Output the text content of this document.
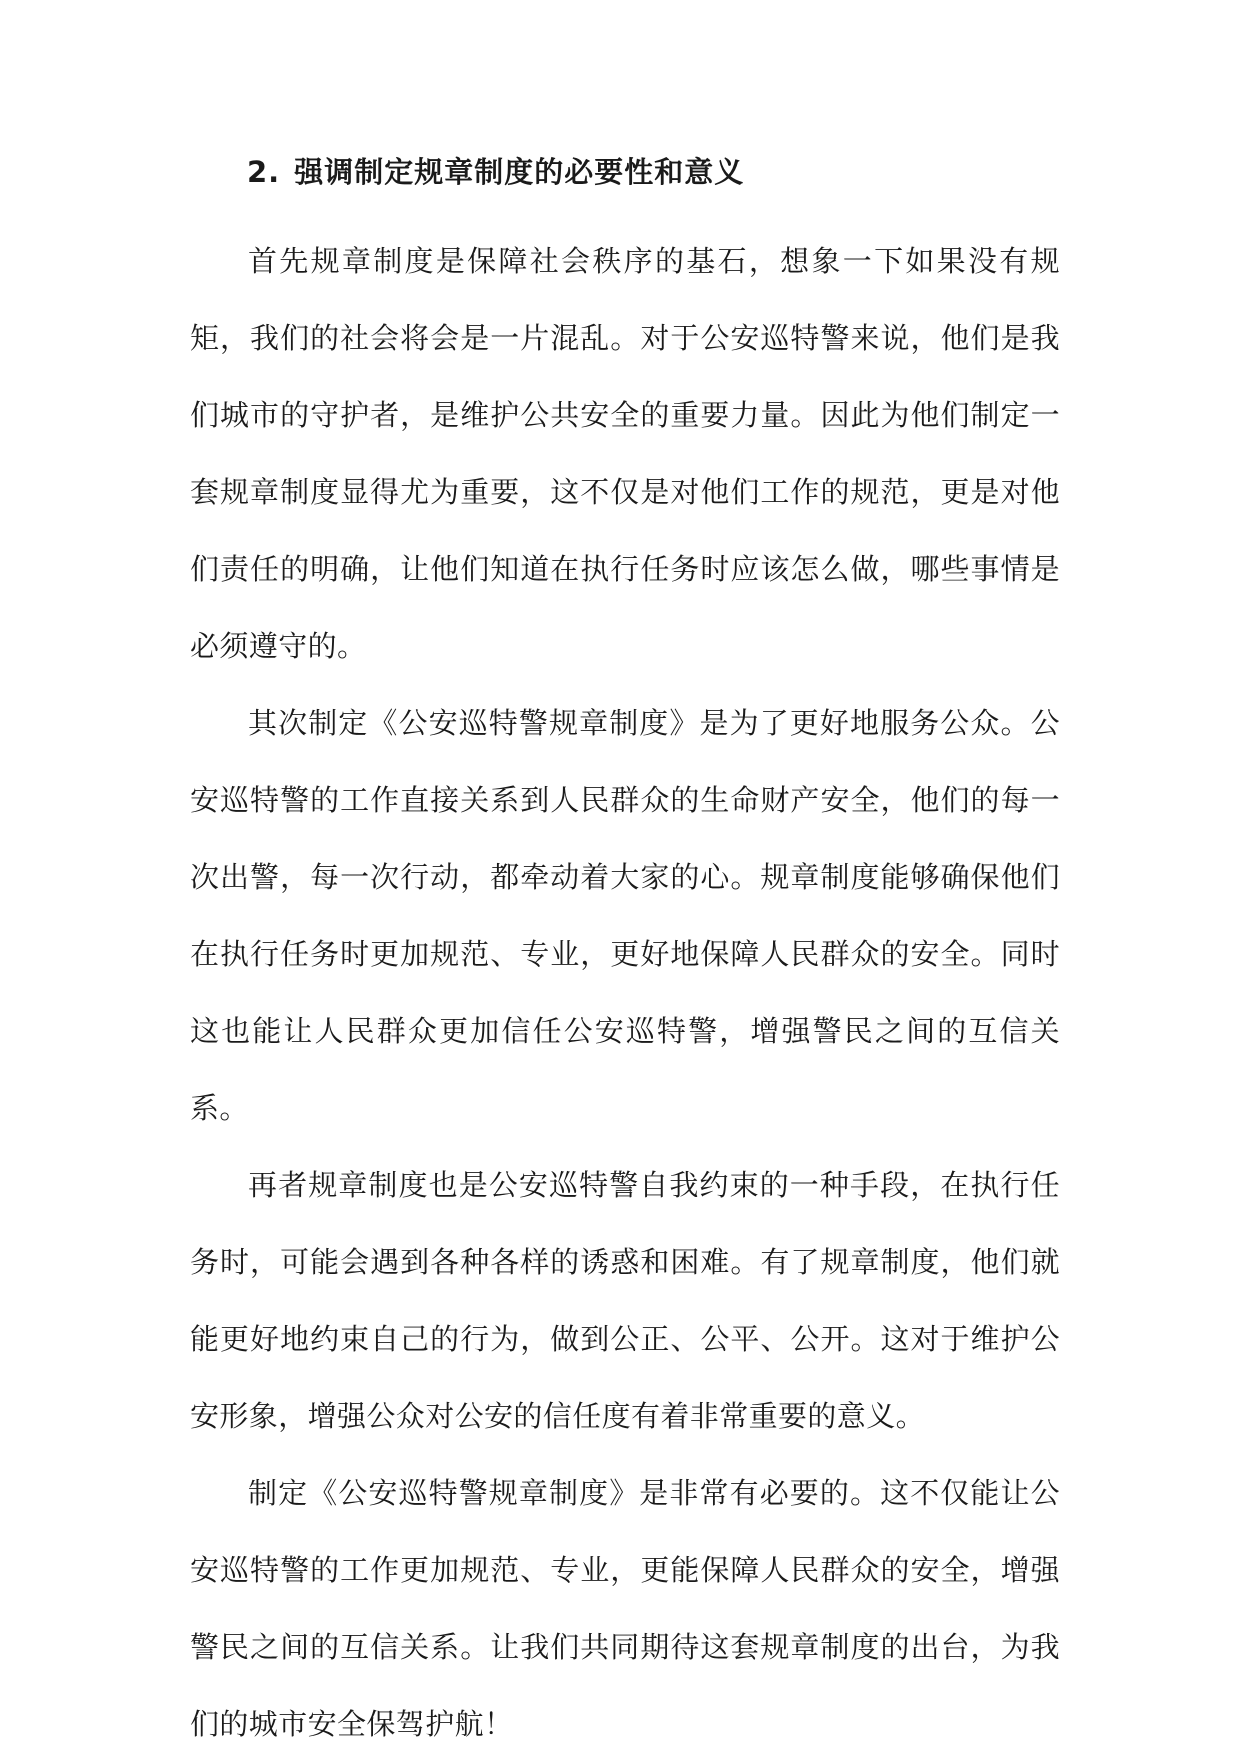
2. 强调制定规章制度的必要性和意义

首先规章制度是保障社会秩序的基石，想象一下如果没有规矩，我们的社会将会是一片混乱。对于公安巡特警来说，他们是我们城市的守护者，是维护公共安全的重要力量。因此为他们制定一套规章制度显得尤为重要，这不仅是对他们工作的规范，更是对他们责任的明确，让他们知道在执行任务时应该怎么做，哪些事情是必须遵守的。

其次制定《公安巡特警规章制度》是为了更好地服务公众。公安巡特警的工作直接关系到人民群众的生命财产安全，他们的每一次出警，每一次行动，都牵动着大家的心。规章制度能够确保他们在执行任务时更加规范、专业，更好地保障人民群众的安全。同时这也能让人民群众更加信任公安巡特警，增强警民之间的互信关系。

再者规章制度也是公安巡特警自我约束的一种手段，在执行任务时，可能会遇到各种各样的诱惑和困难。有了规章制度，他们就能更好地约束自己的行为，做到公正、公平、公开。这对于维护公安形象，增强公众对公安的信任度有着非常重要的意义。

制定《公安巡特警规章制度》是非常有必要的。这不仅能让公安巡特警的工作更加规范、专业，更能保障人民群众的安全，增强警民之间的互信关系。让我们共同期待这套规章制度的出台，为我们的城市安全保驾护航！
